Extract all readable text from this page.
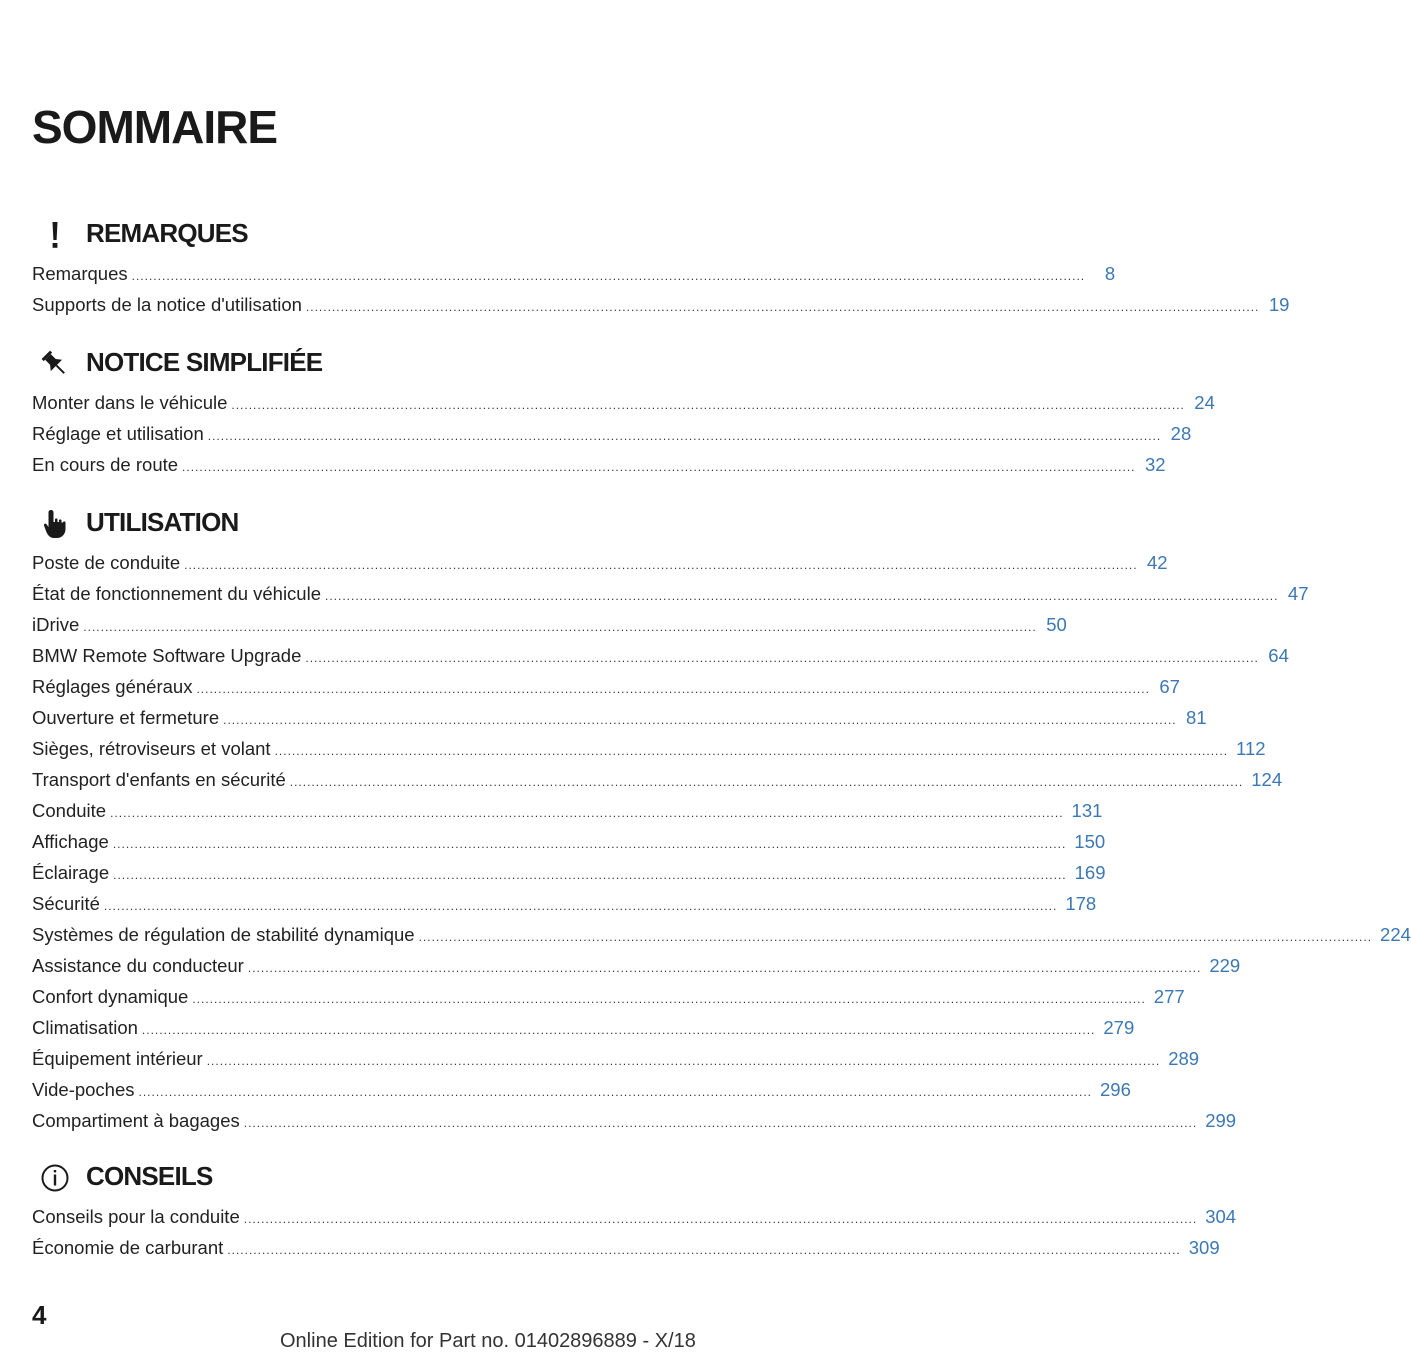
SOMMAIRE
REMARQUES
Remarques ............................................................................................................................................................................................................................	8
Supports de la notice d'utilisation ............................................................................................................................................................................................................................ 19
NOTICE SIMPLIFIÉE
Monter dans le véhicule ............................................................................................................................................................................................................................ 24
Réglage et utilisation ............................................................................................................................................................................................................................ 28
En cours de route ............................................................................................................................................................................................................................ 32
UTILISATION
Poste de conduite ............................................................................................................................................................................................................................ 42
État de fonctionnement du véhicule ............................................................................................................................................................................................................................ 47
iDrive ............................................................................................................................................................................................................................ 50
BMW Remote Software Upgrade ............................................................................................................................................................................................................................ 64
Réglages généraux ............................................................................................................................................................................................................................ 67
Ouverture et fermeture ............................................................................................................................................................................................................................ 81
Sièges, rétroviseurs et volant ............................................................................................................................................................................................................................ 112
Transport d'enfants en sécurité ............................................................................................................................................................................................................................ 124
Conduite ............................................................................................................................................................................................................................ 131
Affichage ............................................................................................................................................................................................................................ 150
Éclairage ............................................................................................................................................................................................................................ 169
Sécurité ............................................................................................................................................................................................................................ 178
Systèmes de régulation de stabilité dynamique ............................................................................................................................................................................................................................ 224
Assistance du conducteur ............................................................................................................................................................................................................................ 229
Confort dynamique ............................................................................................................................................................................................................................ 277
Climatisation ............................................................................................................................................................................................................................ 279
Équipement intérieur ............................................................................................................................................................................................................................ 289
Vide-poches ............................................................................................................................................................................................................................ 296
Compartiment à bagages ............................................................................................................................................................................................................................ 299
CONSEILS
Conseils pour la conduite ............................................................................................................................................................................................................................ 304
Économie de carburant ............................................................................................................................................................................................................................ 309
4
Online Edition for Part no. 01402896889 - X/18
